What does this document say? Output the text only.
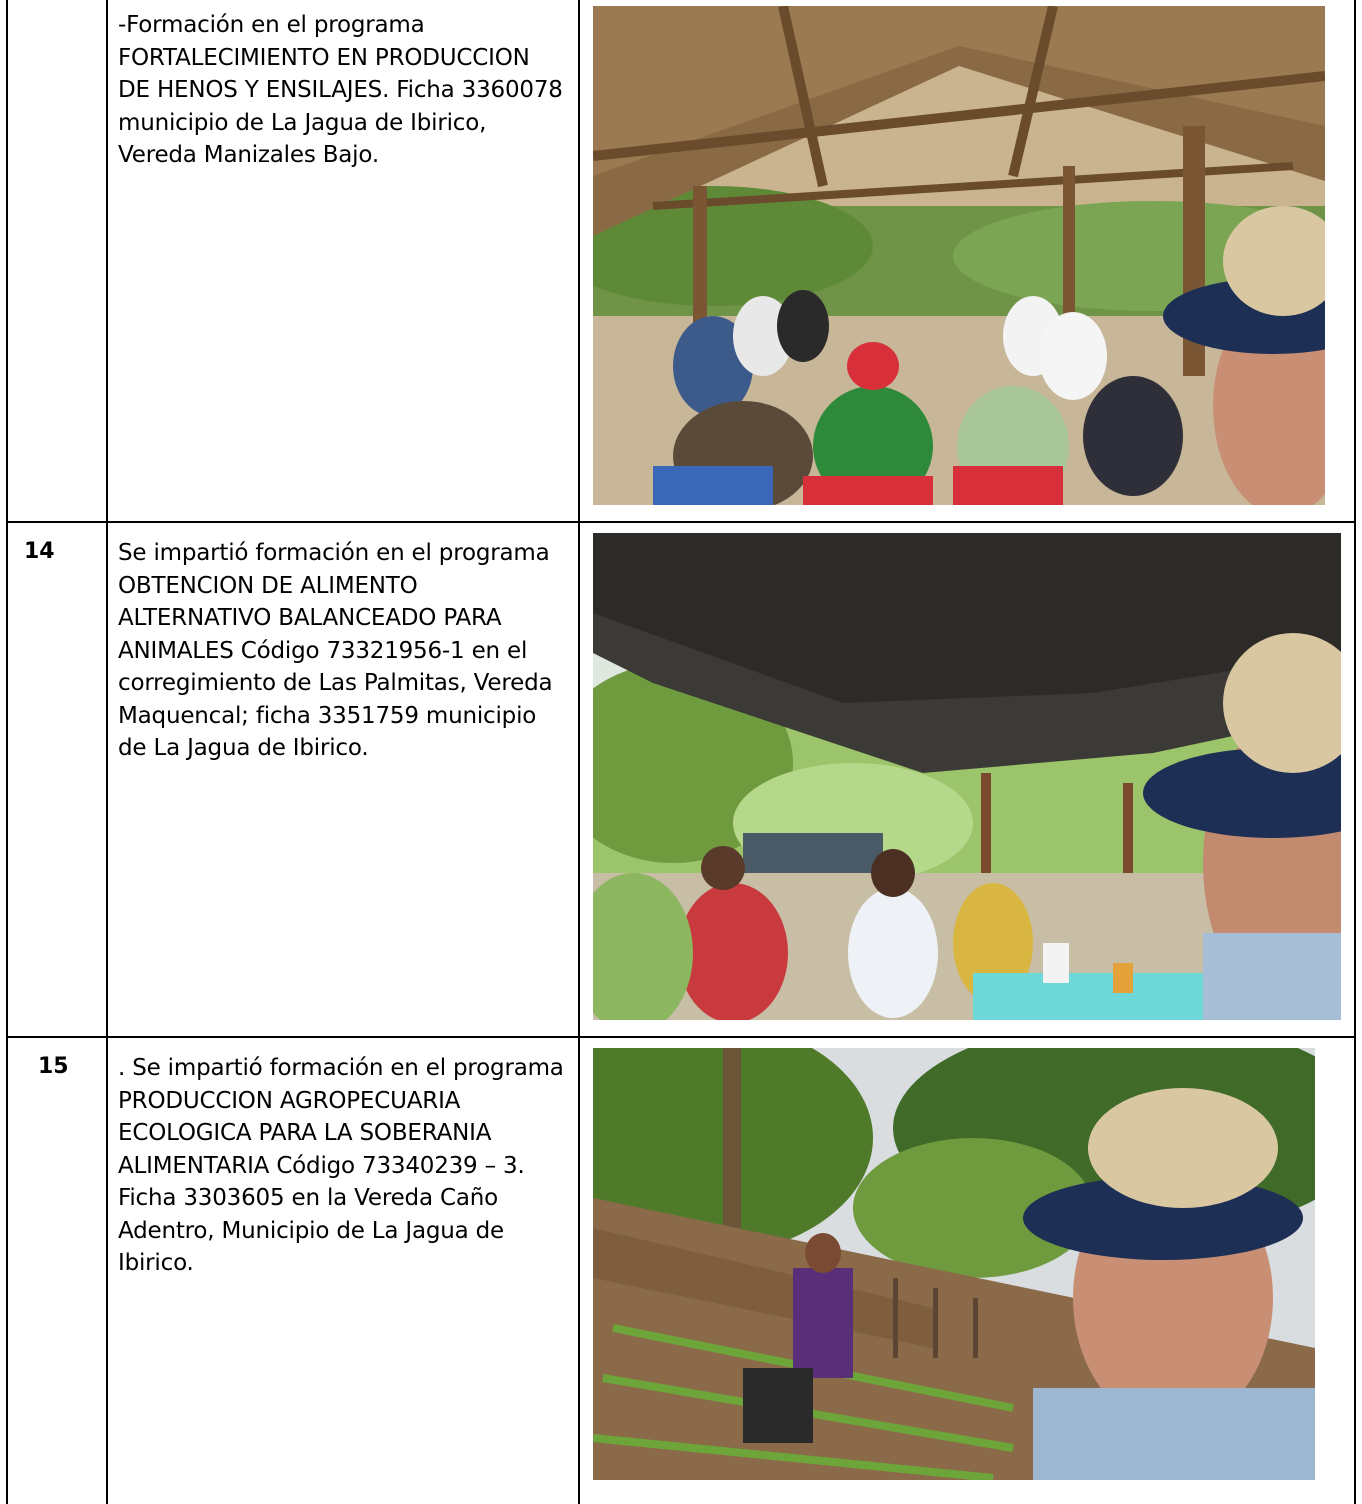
-Formación en el programa FORTALECIMIENTO EN PRODUCCION DE HENOS Y ENSILAJES. Ficha 3360078 municipio de La Jagua de Ibirico, Vereda Manizales Bajo.
14	Se impartió formación en el programa OBTENCION DE ALIMENTO ALTERNATIVO BALANCEADO PARA ANIMALES Código 73321956-1 en el corregimiento de Las Palmitas, Vereda Maquencal; ficha 3351759 municipio de La Jagua de Ibirico.
15 . Se impartió formación en el programa PRODUCCION AGROPECUARIA ECOLOGICA PARA LA SOBERANIA ALIMENTARIA Código 73340239 – 3. Ficha 3303605 en la Vereda Caño Adentro, Municipio de La Jagua de Ibirico.
